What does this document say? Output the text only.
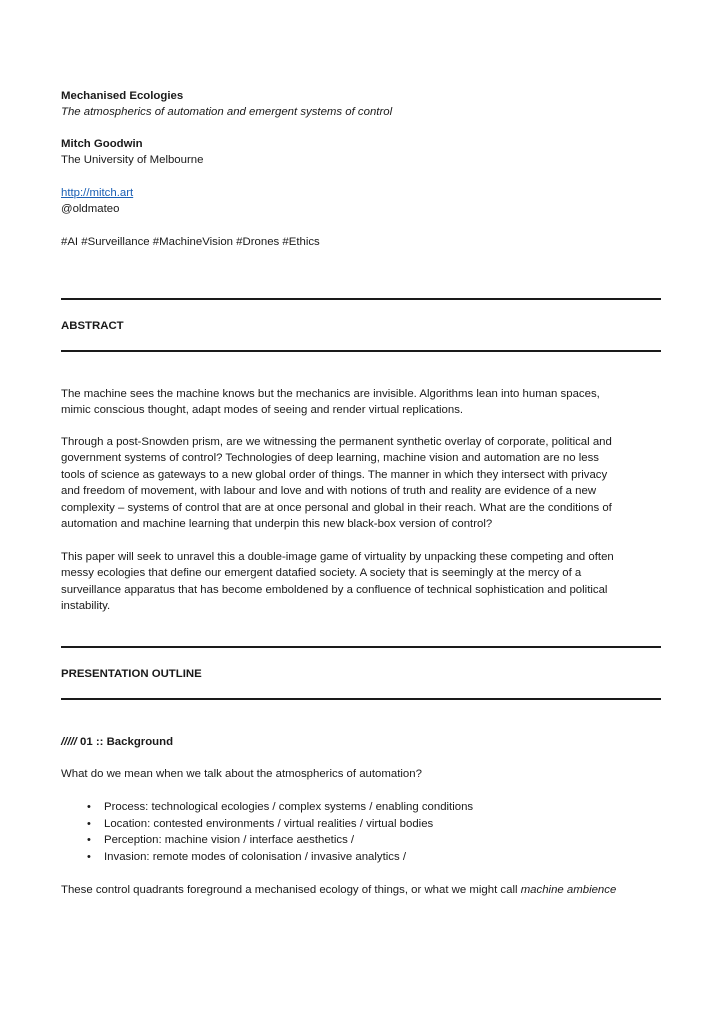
Mechanised Ecologies
The atmospherics of automation and emergent systems of control
Mitch Goodwin
The University of Melbourne
http://mitch.art
@oldmateo
#AI #Surveillance #MachineVision #Drones #Ethics
ABSTRACT
The machine sees the machine knows but the mechanics are invisible. Algorithms lean into human spaces,
mimic conscious thought, adapt modes of seeing and render virtual replications.
Through a post-Snowden prism, are we witnessing the permanent synthetic overlay of corporate, political and
government systems of control? Technologies of deep learning, machine vision and automation are no less
tools of science as gateways to a new global order of things. The manner in which they intersect with privacy
and freedom of movement, with labour and love and with notions of truth and reality are evidence of a new
complexity – systems of control that are at once personal and global in their reach. What are the conditions of
automation and machine learning that underpin this new black-box version of control?
This paper will seek to unravel this a double-image game of virtuality by unpacking these competing and often
messy ecologies that define our emergent datafied society. A society that is seemingly at the mercy of a
surveillance apparatus that has become emboldened by a confluence of technical sophistication and political
instability.
PRESENTATION OUTLINE
///// 01 :: Background
What do we mean when we talk about the atmospherics of automation?
• Process: technological ecologies / complex systems / enabling conditions
• Location: contested environments / virtual realities / virtual bodies
• Perception: machine vision / interface aesthetics /
• Invasion: remote modes of colonisation / invasive analytics /
These control quadrants foreground a mechanised ecology of things, or what we might call machine ambience
